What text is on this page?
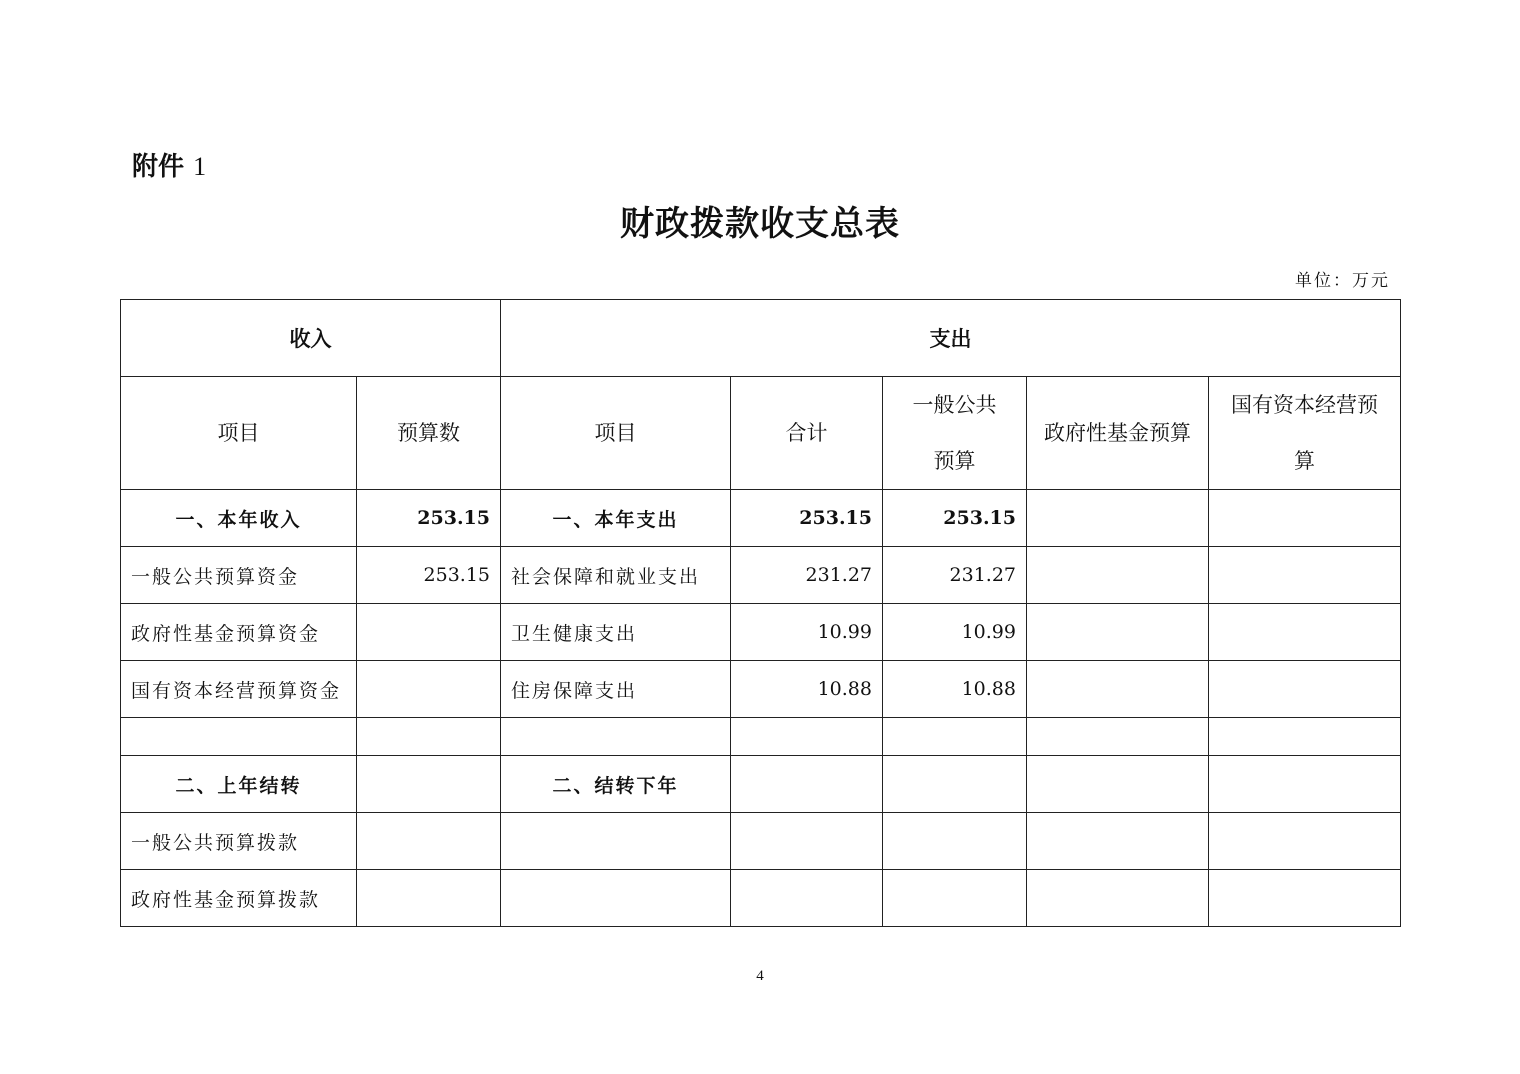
附件 1
财政拨款收支总表
单位：万元
收入		支出				
项目	预算数	项目	合计	一般公共预算	政府性基金预算	国有资本经营预算
一、本年收入	253.15	一、本年支出	253.15	253.15		
一般公共预算资金	253.15	社会保障和就业支出	231.27	231.27		
政府性基金预算资金		卫生健康支出	10.99	10.99		
国有资本经营预算资金		住房保障支出	10.88	10.88		

二、上年结转		二、结转下年				
一般公共预算拨款						
政府性基金预算拨款						
4
